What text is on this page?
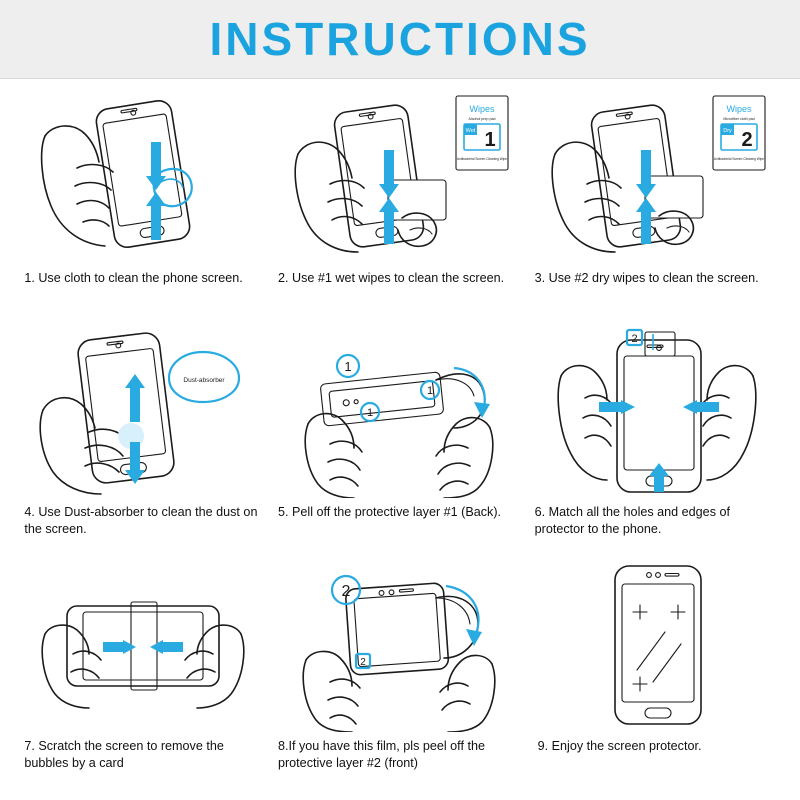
INSTRUCTIONS
1. Use cloth to clean the phone screen.
Wipes
Alcohol prep pad
Wet 1
Antibacterial Screen Cleaning Wipe
2. Use #1 wet wipes to clean the screen.
Wipes
Microfiber cloth pad
Dry 2
Antibacterial Screen Cleaning Wipe
3. Use #2 dry wipes to clean the screen.
Dust-absorber
4. Use Dust-absorber to clean the dust on the screen.
1
1
1
5. Pell off the protective layer #1 (Back).
2
6. Match all the holes and edges of protector to the phone.
7. Scratch the screen to remove the bubbles by a card
2
2
8.If you have this film, pls peel off the protective layer #2 (front)
9. Enjoy the screen protector.
